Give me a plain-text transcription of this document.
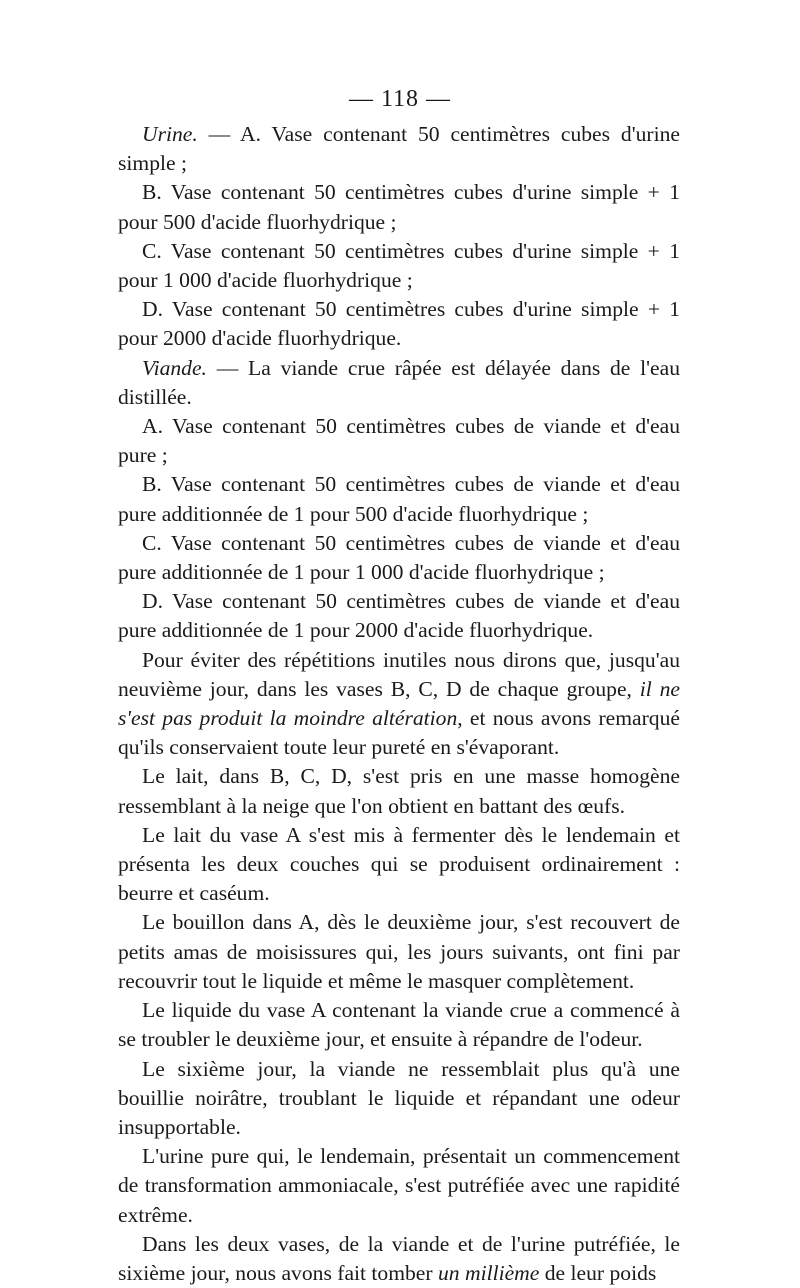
— 118 —

Urine. — A. Vase contenant 50 centimètres cubes d'urine simple ;

B. Vase contenant 50 centimètres cubes d'urine simple + 1 pour 500 d'acide fluorhydrique ;

C. Vase contenant 50 centimètres cubes d'urine simple + 1 pour 1 000 d'acide fluorhydrique ;

D. Vase contenant 50 centimètres cubes d'urine simple + 1 pour 2000 d'acide fluorhydrique.

Viande. — La viande crue râpée est délayée dans de l'eau distillée.

A. Vase contenant 50 centimètres cubes de viande et d'eau pure ;

B. Vase contenant 50 centimètres cubes de viande et d'eau pure additionnée de 1 pour 500 d'acide fluorhydrique ;

C. Vase contenant 50 centimètres cubes de viande et d'eau pure additionnée de 1 pour 1 000 d'acide fluorhydrique ;

D. Vase contenant 50 centimètres cubes de viande et d'eau pure additionnée de 1 pour 2000 d'acide fluorhydrique.

Pour éviter des répétitions inutiles nous dirons que, jusqu'au neuvième jour, dans les vases B, C, D de chaque groupe, il ne s'est pas produit la moindre altération, et nous avons remarqué qu'ils conservaient toute leur pureté en s'évaporant.

Le lait, dans B, C, D, s'est pris en une masse homogène ressemblant à la neige que l'on obtient en battant des œufs.

Le lait du vase A s'est mis à fermenter dès le lendemain et présenta les deux couches qui se produisent ordinairement : beurre et caséum.

Le bouillon dans A, dès le deuxième jour, s'est recouvert de petits amas de moisissures qui, les jours suivants, ont fini par recouvrir tout le liquide et même le masquer complètement.

Le liquide du vase A contenant la viande crue a commencé à se troubler le deuxième jour, et ensuite à répandre de l'odeur.

Le sixième jour, la viande ne ressemblait plus qu'à une bouillie noirâtre, troublant le liquide et répandant une odeur insupportable.

L'urine pure qui, le lendemain, présentait un commencement de transformation ammoniacale, s'est putréfiée avec une rapidité extrême.

Dans les deux vases, de la viande et de l'urine putréfiée, le sixième jour, nous avons fait tomber un millième de leur poids
